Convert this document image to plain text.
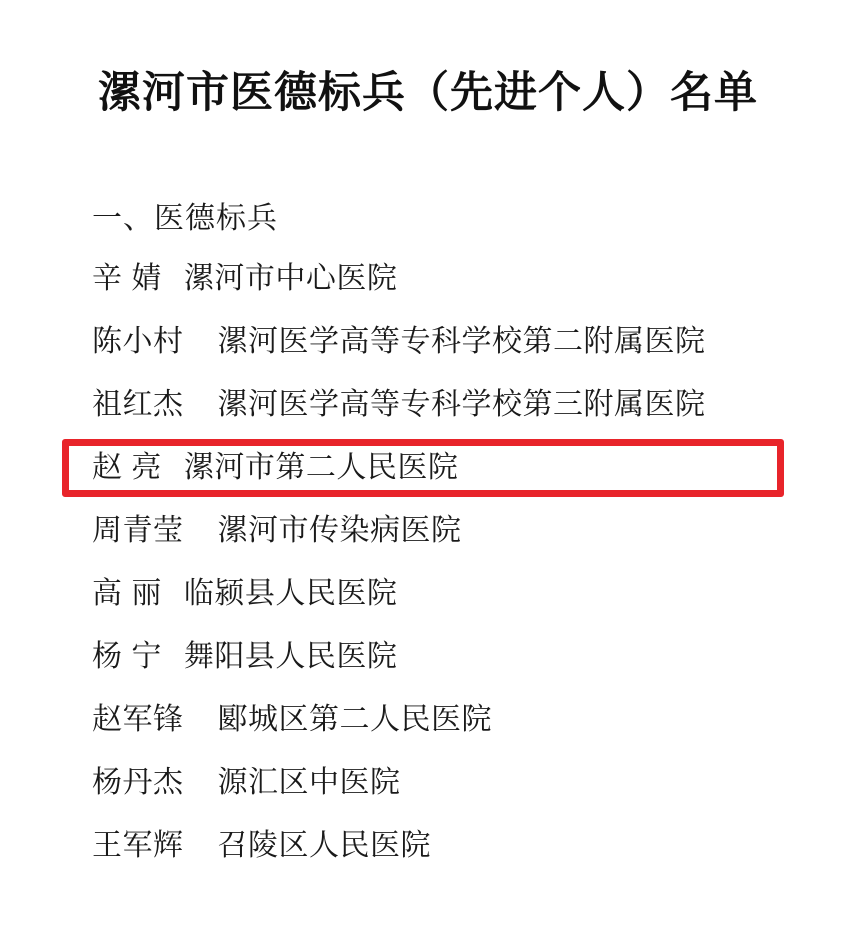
漯河市医德标兵（先进个人）名单
一、医德标兵
辛 婧 漯河市中心医院
陈小村 漯河医学高等专科学校第二附属医院
祖红杰 漯河医学高等专科学校第三附属医院
赵 亮 漯河市第二人民医院
周青莹 漯河市传染病医院
高 丽 临颍县人民医院
杨 宁 舞阳县人民医院
赵军锋 郾城区第二人民医院
杨丹杰 源汇区中医院
王军辉 召陵区人民医院
